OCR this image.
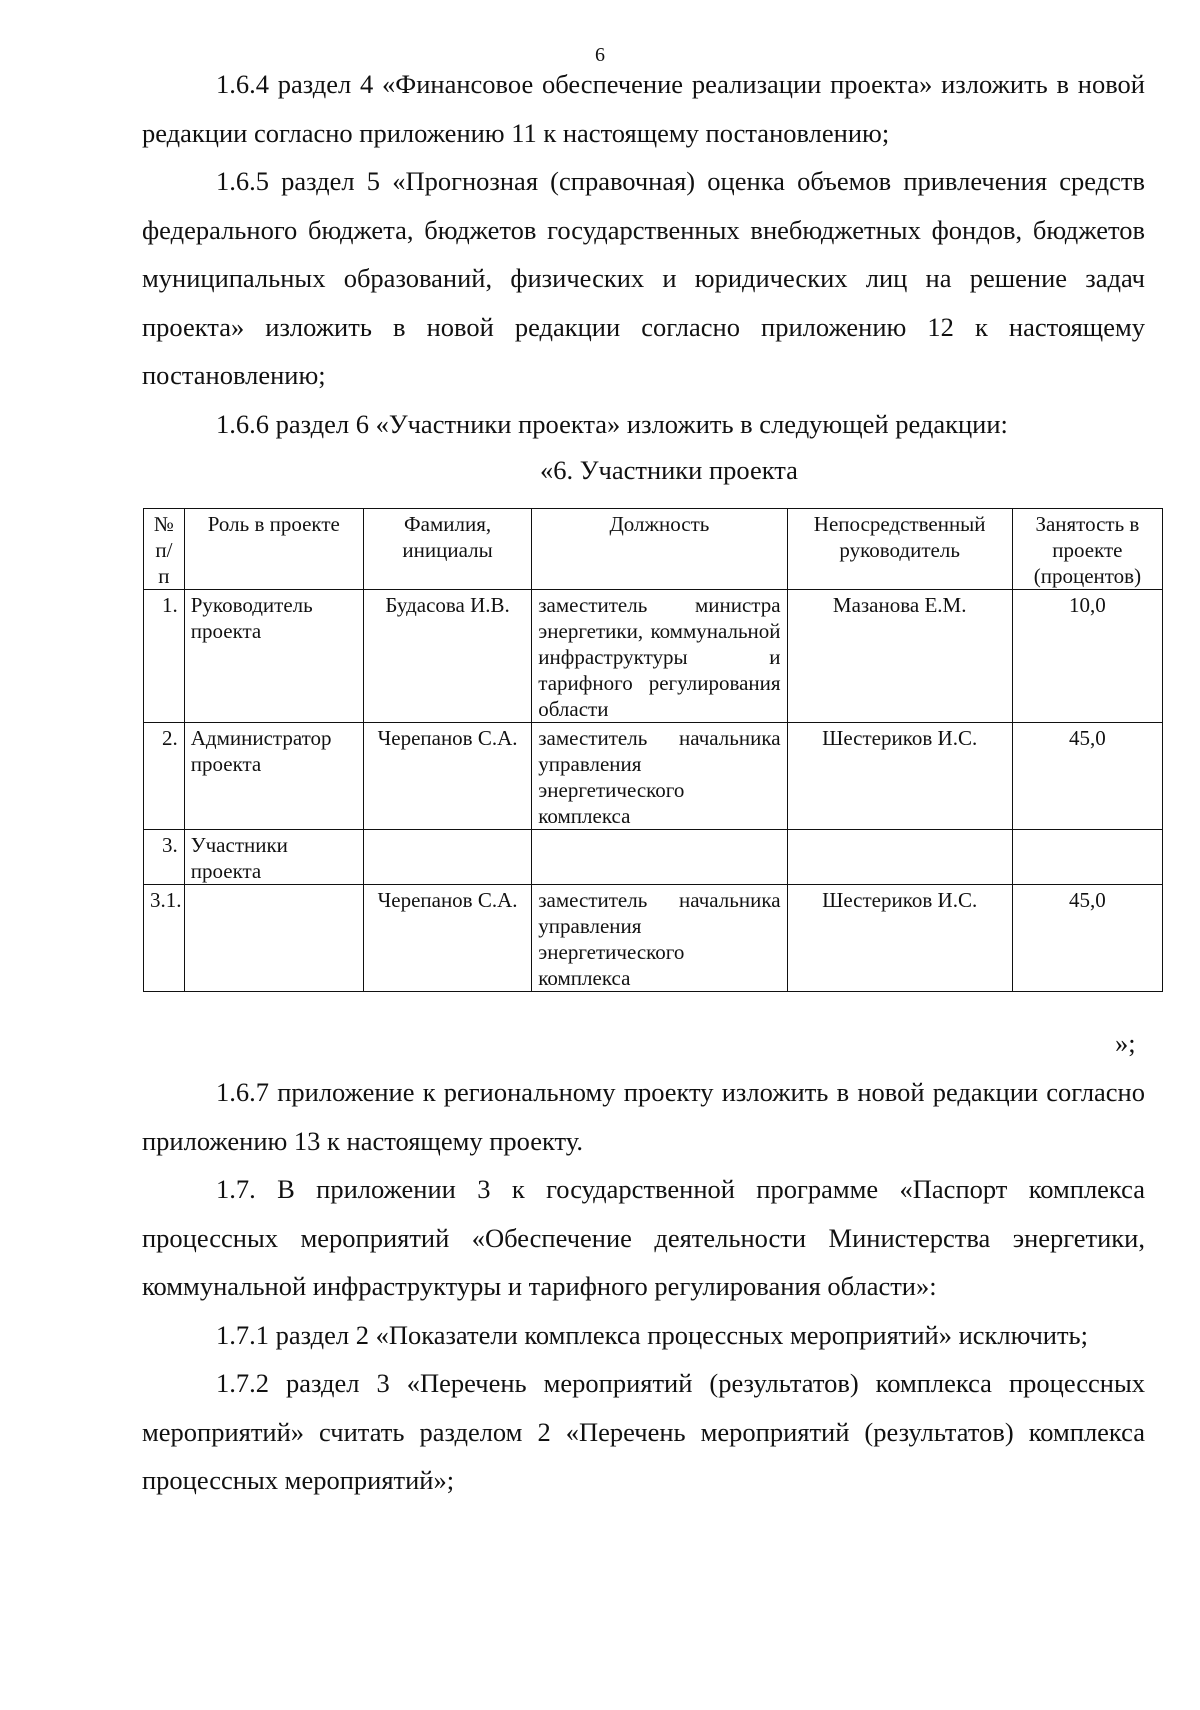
6

1.6.4 раздел 4 «Финансовое обеспечение реализации проекта» изложить в новой редакции согласно приложению 11 к настоящему постановлению;

1.6.5 раздел 5 «Прогнозная (справочная) оценка объемов привлечения средств федерального бюджета, бюджетов государственных внебюджетных фондов, бюджетов муниципальных образований, физических и юридических лиц на решение задач проекта» изложить в новой редакции согласно приложению 12 к настоящему постановлению;

1.6.6 раздел 6 «Участники проекта» изложить в следующей редакции:

«6. Участники проекта
№ п/п	Роль в проекте	Фамилия, инициалы	Должность	Непосредственный руководитель	Занятость в проекте (процентов)
1.	Руководитель проекта	Будасова И.В.	заместитель министра энергетики, коммунальной инфраструктуры и тарифного регулирования области	Мазанова Е.М.	10,0
2.	Администратор проекта	Черепанов С.А.	заместитель начальника управления энергетического комплекса	Шестериков И.С.	45,0
3.	Участники проекта				
3.1.		Черепанов С.А.	заместитель начальника управления энергетического комплекса	Шестериков И.С.	45,0
»;

1.6.7 приложение к региональному проекту изложить в новой редакции согласно приложению 13 к настоящему проекту.

1.7. В приложении 3 к государственной программе «Паспорт комплекса процессных мероприятий «Обеспечение деятельности Министерства энергетики, коммунальной инфраструктуры и тарифного регулирования области»:

1.7.1 раздел 2 «Показатели комплекса процессных мероприятий» исключить;

1.7.2 раздел 3 «Перечень мероприятий (результатов) комплекса процессных мероприятий» считать разделом 2 «Перечень мероприятий (результатов) комплекса процессных мероприятий»;
